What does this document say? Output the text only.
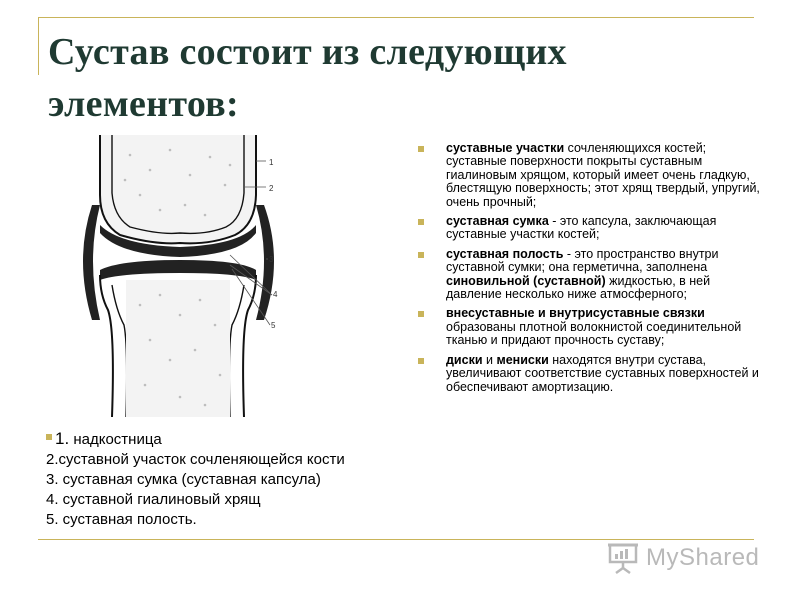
Сустав состоит из следующих элементов:
1
2
3
4
5
1. надкостница
2.суставной участок сочленяющейся кости
3. суставная сумка (суставная капсула)
4. суставной гиалиновый хрящ
5. суставная полость.
суставные участки сочленяющихся костей; суставные поверхности покрыты суставным гиалиновым хрящом, который имеет очень гладкую, блестящую поверхность; этот хрящ твердый, упругий, очень прочный;
суставная сумка - это капсула, заключающая суставные участки костей;
суставная полость - это пространство внутри суставной сумки; она герметична, заполнена синовильной (суставной) жидкостью, в ней давление несколько ниже атмосферного;
внесуставные и внутрисуставные связки образованы плотной волокнистой соединительной тканью и придают прочность суставу;
диски и мениски находятся внутри сустава, увеличивают соответствие суставных поверхностей и обеспечивают амортизацию.
MyShared
